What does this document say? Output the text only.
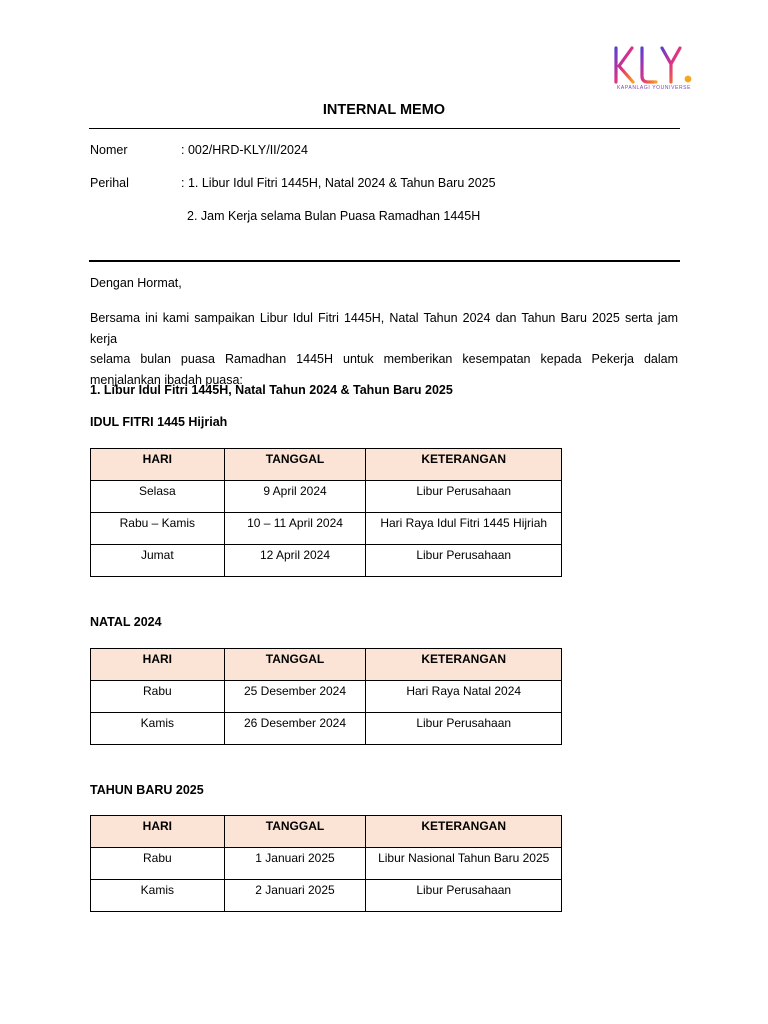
KAPANLAGI YOUNIVERSE
INTERNAL MEMO
Nomer	: 002/HRD-KLY/II/2024
Perihal	: 1. Libur Idul Fitri 1445H, Natal 2024 & Tahun Baru 2025
2. Jam Kerja selama Bulan Puasa Ramadhan 1445H
Dengan Hormat,
Bersama ini kami sampaikan Libur Idul Fitri 1445H, Natal Tahun 2024 dan Tahun Baru 2025 serta jam kerja
selama bulan puasa Ramadhan 1445H untuk memberikan kesempatan kepada Pekerja dalam
menjalankan ibadah puasa:
1. Libur Idul Fitri 1445H, Natal Tahun 2024 & Tahun Baru 2025
IDUL FITRI 1445 Hijriah
HARI	TANGGAL	KETERANGAN
Selasa	9 April 2024	Libur Perusahaan
Rabu – Kamis	10 – 11 April 2024	Hari Raya Idul Fitri 1445 Hijriah
Jumat	12 April 2024	Libur Perusahaan
NATAL 2024
HARI	TANGGAL	KETERANGAN
Rabu	25 Desember 2024	Hari Raya Natal 2024
Kamis	26 Desember 2024	Libur Perusahaan
TAHUN BARU 2025
HARI	TANGGAL	KETERANGAN
Rabu	1 Januari 2025	Libur Nasional Tahun Baru 2025
Kamis	2 Januari 2025	Libur Perusahaan
